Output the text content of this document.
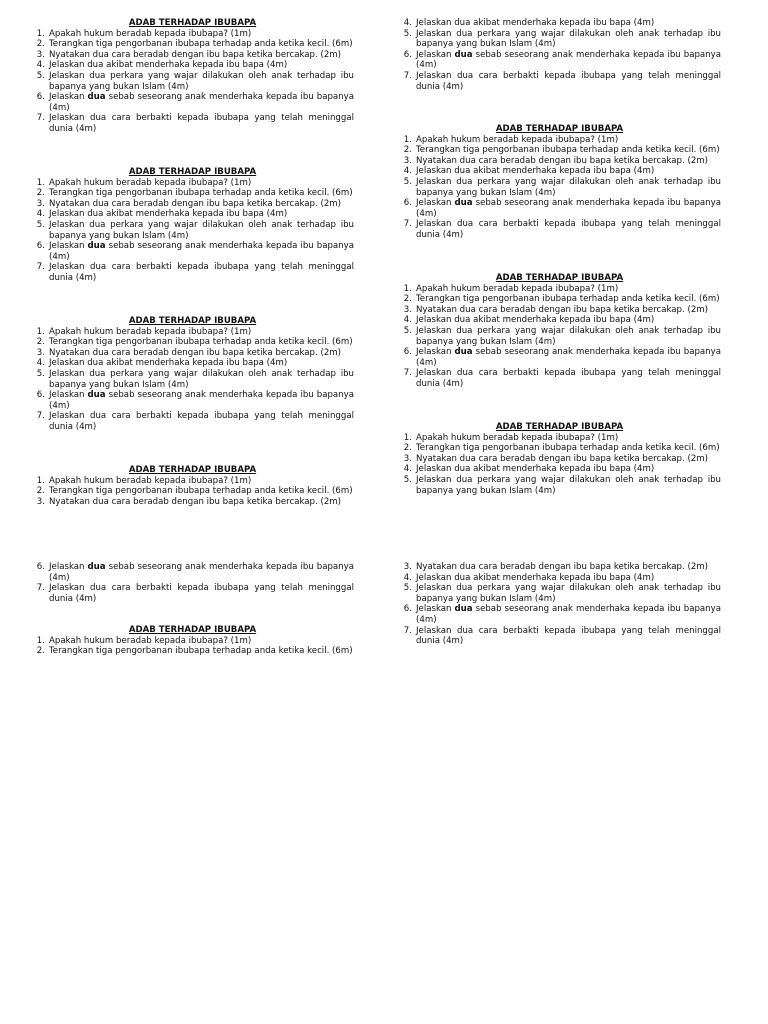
ADAB TERHADAP IBUBAPA
1. Apakah hukum beradab kepada ibubapa? (1m)
2. Terangkan tiga pengorbanan ibubapa terhadap anda ketika kecil. (6m)
3. Nyatakan dua cara beradab dengan ibu bapa ketika bercakap. (2m)
4. Jelaskan dua akibat menderhaka kepada ibu bapa (4m)
5. Jelaskan dua perkara yang wajar dilakukan oleh anak terhadap ibu bapanya yang bukan Islam (4m)
6. Jelaskan dua sebab seseorang anak menderhaka kepada ibu bapanya (4m)
7. Jelaskan dua cara berbakti kepada ibubapa yang telah meninggal dunia (4m)
ADAB TERHADAP IBUBAPA
1. Apakah hukum beradab kepada ibubapa? (1m)
2. Terangkan tiga pengorbanan ibubapa terhadap anda ketika kecil. (6m)
3. Nyatakan dua cara beradab dengan ibu bapa ketika bercakap. (2m)
4. Jelaskan dua akibat menderhaka kepada ibu bapa (4m)
5. Jelaskan dua perkara yang wajar dilakukan oleh anak terhadap ibu bapanya yang bukan Islam (4m)
6. Jelaskan dua sebab seseorang anak menderhaka kepada ibu bapanya (4m)
7. Jelaskan dua cara berbakti kepada ibubapa yang telah meninggal dunia (4m)
ADAB TERHADAP IBUBAPA
1. Apakah hukum beradab kepada ibubapa? (1m)
2. Terangkan tiga pengorbanan ibubapa terhadap anda ketika kecil. (6m)
3. Nyatakan dua cara beradab dengan ibu bapa ketika bercakap. (2m)
4. Jelaskan dua akibat menderhaka kepada ibu bapa (4m)
5. Jelaskan dua perkara yang wajar dilakukan oleh anak terhadap ibu bapanya yang bukan Islam (4m)
6. Jelaskan dua sebab seseorang anak menderhaka kepada ibu bapanya (4m)
7. Jelaskan dua cara berbakti kepada ibubapa yang telah meninggal dunia (4m)
ADAB TERHADAP IBUBAPA
1. Apakah hukum beradab kepada ibubapa? (1m)
2. Terangkan tiga pengorbanan ibubapa terhadap anda ketika kecil. (6m)
3. Nyatakan dua cara beradab dengan ibu bapa ketika bercakap. (2m)
6. Jelaskan dua sebab seseorang anak menderhaka kepada ibu bapanya (4m)
7. Jelaskan dua cara berbakti kepada ibubapa yang telah meninggal dunia (4m)
ADAB TERHADAP IBUBAPA
1. Apakah hukum beradab kepada ibubapa? (1m)
2. Terangkan tiga pengorbanan ibubapa terhadap anda ketika kecil. (6m)
4. Jelaskan dua akibat menderhaka kepada ibu bapa (4m)
5. Jelaskan dua perkara yang wajar dilakukan oleh anak terhadap ibu bapanya yang bukan Islam (4m)
6. Jelaskan dua sebab seseorang anak menderhaka kepada ibu bapanya (4m)
7. Jelaskan dua cara berbakti kepada ibubapa yang telah meninggal dunia (4m)
ADAB TERHADAP IBUBAPA
1. Apakah hukum beradab kepada ibubapa? (1m)
2. Terangkan tiga pengorbanan ibubapa terhadap anda ketika kecil. (6m)
3. Nyatakan dua cara beradab dengan ibu bapa ketika bercakap. (2m)
4. Jelaskan dua akibat menderhaka kepada ibu bapa (4m)
5. Jelaskan dua perkara yang wajar dilakukan oleh anak terhadap ibu bapanya yang bukan Islam (4m)
6. Jelaskan dua sebab seseorang anak menderhaka kepada ibu bapanya (4m)
7. Jelaskan dua cara berbakti kepada ibubapa yang telah meninggal dunia (4m)
ADAB TERHADAP IBUBAPA
1. Apakah hukum beradab kepada ibubapa? (1m)
2. Terangkan tiga pengorbanan ibubapa terhadap anda ketika kecil. (6m)
3. Nyatakan dua cara beradab dengan ibu bapa ketika bercakap. (2m)
4. Jelaskan dua akibat menderhaka kepada ibu bapa (4m)
5. Jelaskan dua perkara yang wajar dilakukan oleh anak terhadap ibu bapanya yang bukan Islam (4m)
6. Jelaskan dua sebab seseorang anak menderhaka kepada ibu bapanya (4m)
7. Jelaskan dua cara berbakti kepada ibubapa yang telah meninggal dunia (4m)
ADAB TERHADAP IBUBAPA
1. Apakah hukum beradab kepada ibubapa? (1m)
2. Terangkan tiga pengorbanan ibubapa terhadap anda ketika kecil. (6m)
3. Nyatakan dua cara beradab dengan ibu bapa ketika bercakap. (2m)
4. Jelaskan dua akibat menderhaka kepada ibu bapa (4m)
5. Jelaskan dua perkara yang wajar dilakukan oleh anak terhadap ibu bapanya yang bukan Islam (4m)
3. Nyatakan dua cara beradab dengan ibu bapa ketika bercakap. (2m)
4. Jelaskan dua akibat menderhaka kepada ibu bapa (4m)
5. Jelaskan dua perkara yang wajar dilakukan oleh anak terhadap ibu bapanya yang bukan Islam (4m)
6. Jelaskan dua sebab seseorang anak menderhaka kepada ibu bapanya (4m)
7. Jelaskan dua cara berbakti kepada ibubapa yang telah meninggal dunia (4m)
